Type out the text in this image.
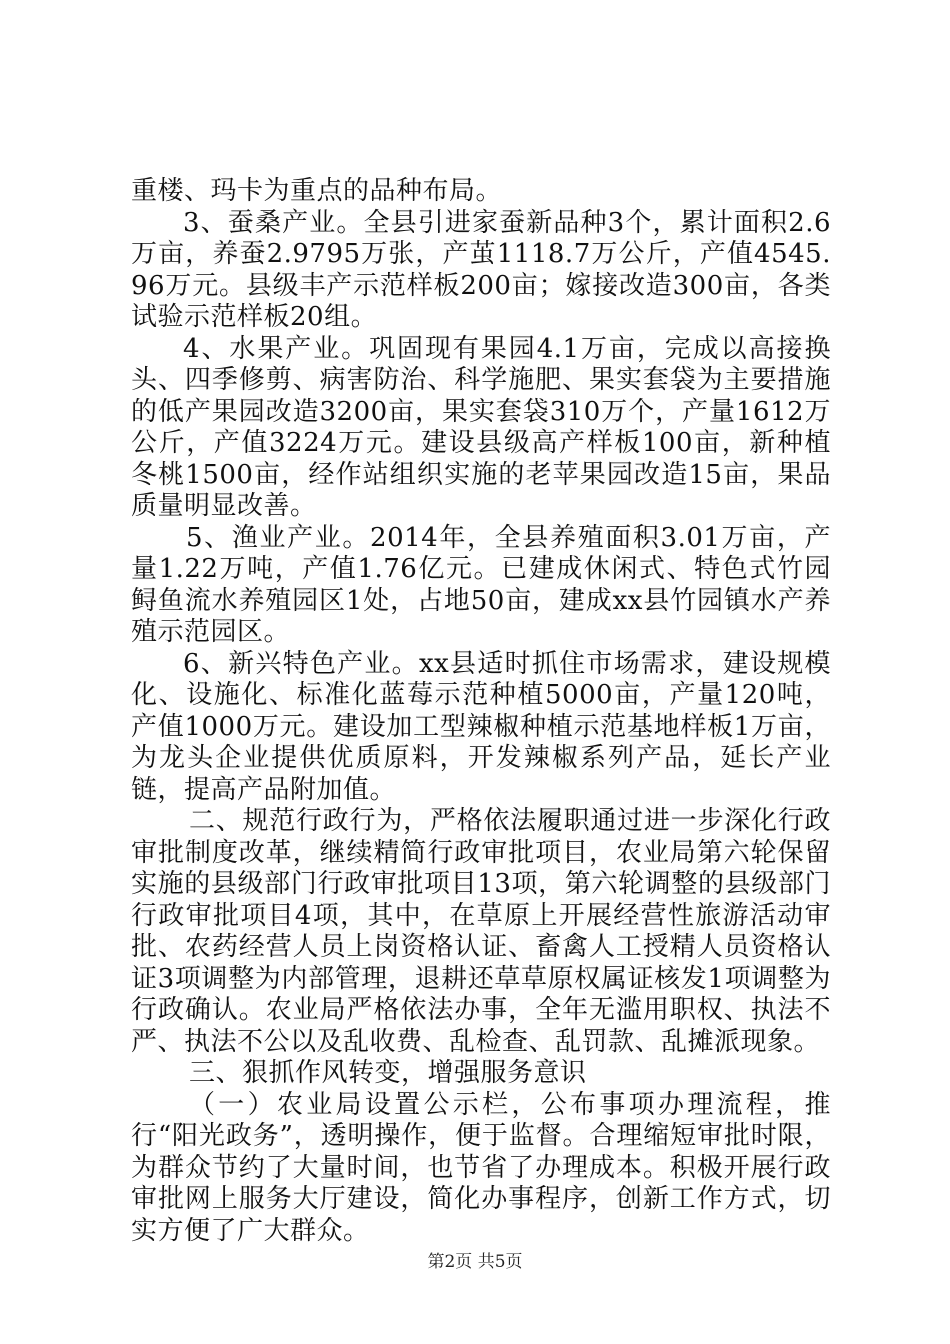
重楼、玛卡为重点的品种布局。

3、蚕桑产业。全县引进家蚕新品种3个，累计面积2.6万亩，养蚕2.9795万张，产茧1118.7万公斤，产值4545.96万元。县级丰产示范样板200亩；嫁接改造300亩，各类试验示范样板20组。

4、水果产业。巩固现有果园4.1万亩，完成以高接换头、四季修剪、病害防治、科学施肥、果实套袋为主要措施的低产果园改造3200亩，果实套袋310万个，产量1612万公斤，产值3224万元。建设县级高产样板100亩，新种植冬桃1500亩，经作站组织实施的老苹果园改造15亩，果品质量明显改善。

5、渔业产业。2014年，全县养殖面积3.01万亩，产量1.22万吨，产值1.76亿元。已建成休闲式、特色式竹园鲟鱼流水养殖园区1处，占地50亩，建成xx县竹园镇水产养殖示范园区。

6、新兴特色产业。xx县适时抓住市场需求，建设规模化、设施化、标准化蓝莓示范种植5000亩，产量120吨，产值1000万元。建设加工型辣椒种植示范基地样板1万亩，为龙头企业提供优质原料，开发辣椒系列产品，延长产业链，提高产品附加值。

二、规范行政行为，严格依法履职通过进一步深化行政审批制度改革，继续精简行政审批项目，农业局第六轮保留实施的县级部门行政审批项目13项，第六轮调整的县级部门行政审批项目4项，其中，在草原上开展经营性旅游活动审批、农药经营人员上岗资格认证、畜禽人工授精人员资格认证3项调整为内部管理，退耕还草草原权属证核发1项调整为行政确认。农业局严格依法办事，全年无滥用职权、执法不严、执法不公以及乱收费、乱检查、乱罚款、乱摊派现象。

三、狠抓作风转变，增强服务意识

（一）农业局设置公示栏，公布事项办理流程，推行“阳光政务”，透明操作，便于监督。合理缩短审批时限，为群众节约了大量时间，也节省了办理成本。积极开展行政审批网上服务大厅建设，简化办事程序，创新工作方式，切实方便了广大群众。

第2页 共5页
